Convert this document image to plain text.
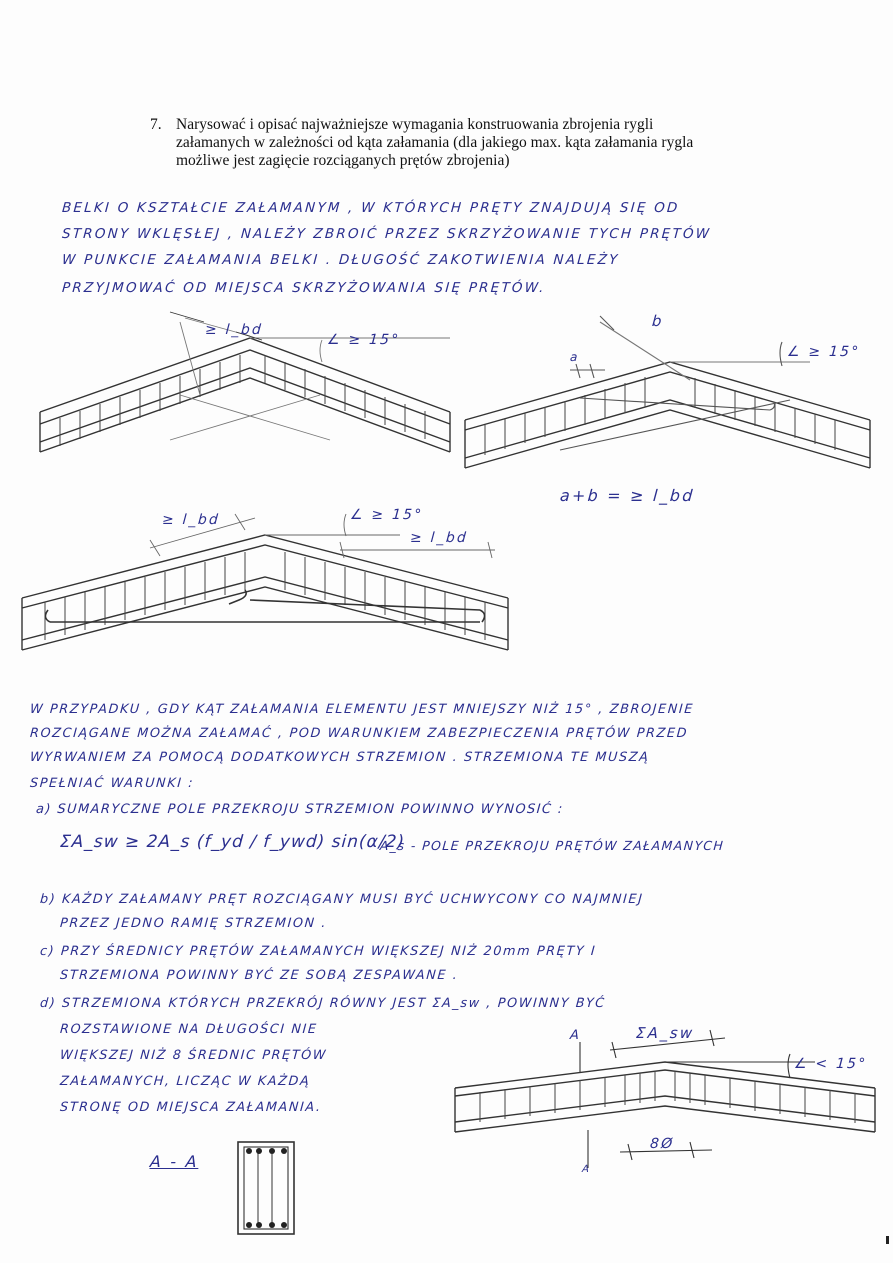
7. Narysować i opisać najważniejsze wymagania konstruowania zbrojenia rygli
załamanych w zależności od kąta załamania (dla jakiego max. kąta załamania rygla
możliwe jest zagięcie rozciąganych prętów zbrojenia)
BELKI O KSZTAŁCIE ZAŁAMANYM , W KTÓRYCH PRĘTY ZNAJDUJĄ SIĘ OD
STRONY WKLĘSŁEJ , NALEŻY ZBROIĆ PRZEZ SKRZYŻOWANIE TYCH PRĘTÓW
W PUNKCIE ZAŁAMANIA BELKI . DŁUGOŚĆ ZAKOTWIENIA NALEŻY
PRZYJMOWAĆ OD MIEJSCA SKRZYŻOWANIA SIĘ PRĘTÓW.
≥ l_bd
∠ ≥ 15°
b
a	∠ ≥ 15°
a+b = ≥ l_bd
≥ l_bd
≥ l_bd
∠ ≥ 15°
W PRZYPADKU , GDY KĄT ZAŁAMANIA ELEMENTU JEST MNIEJSZY NIŻ 15° , ZBROJENIE
ROZCIĄGANE MOŻNA ZAŁAMAĆ , POD WARUNKIEM ZABEZPIECZENIA PRĘTÓW PRZED
WYRWANIEM ZA POMOCĄ DODATKOWYCH STRZEMION . STRZEMIONA TE MUSZĄ
SPEŁNIAĆ WARUNKI :
a) SUMARYCZNE POLE PRZEKROJU STRZEMION POWINNO WYNOSIĆ :
ΣA_sw ≥ 2A_s (f_yd / f_ywd) sin(α/2)
A_s - POLE PRZEKROJU PRĘTÓW ZAŁAMANYCH
b) KAŻDY ZAŁAMANY PRĘT ROZCIĄGANY MUSI BYĆ UCHWYCONY CO NAJMNIEJ
PRZEZ JEDNO RAMIĘ STRZEMION .
c) PRZY ŚREDNICY PRĘTÓW ZAŁAMANYCH WIĘKSZEJ NIŻ 20mm PRĘTY I
STRZEMIONA POWINNY BYĆ ZE SOBĄ ZESPAWANE .
d) STRZEMIONA KTÓRYCH PRZEKRÓJ RÓWNY JEST ΣA_sw , POWINNY BYĆ
ROZSTAWIONE NA DŁUGOŚCI NIE
WIĘKSZEJ NIŻ 8 ŚREDNIC PRĘTÓW
ZAŁAMANYCH, LICZĄC W KAŻDĄ
STRONĘ OD MIEJSCA ZAŁAMANIA.
A
A
ΣA_sw
∠ < 15°
8Ø
A - A
